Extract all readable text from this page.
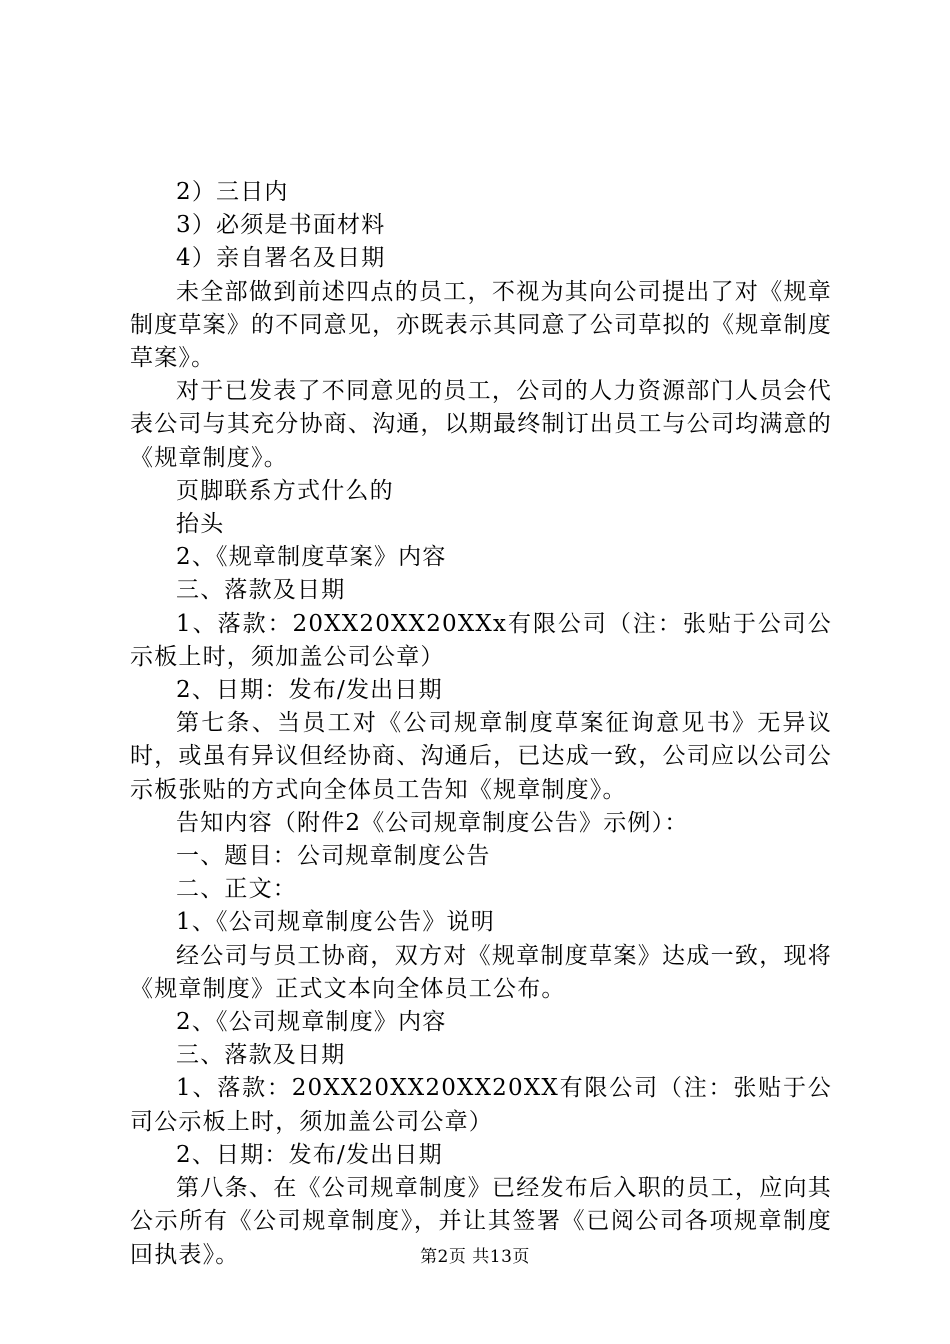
2）三日内

3）必须是书面材料

4）亲自署名及日期

未全部做到前述四点的员工，不视为其向公司提出了对《规章制度草案》的不同意见，亦既表示其同意了公司草拟的《规章制度草案》。

对于已发表了不同意见的员工，公司的人力资源部门人员会代表公司与其充分协商、沟通，以期最终制订出员工与公司均满意的《规章制度》。

页脚联系方式什么的

抬头

2、《规章制度草案》内容

三、落款及日期

1、落款：20XX20XX20XXx有限公司（注：张贴于公司公示板上时，须加盖公司公章）

2、日期：发布/发出日期

第七条、当员工对《公司规章制度草案征询意见书》无异议时，或虽有异议但经协商、沟通后，已达成一致，公司应以公司公示板张贴的方式向全体员工告知《规章制度》。

告知内容（附件2《公司规章制度公告》示例）：

一、题目：公司规章制度公告

二、正文：

1、《公司规章制度公告》说明

经公司与员工协商，双方对《规章制度草案》达成一致，现将《规章制度》正式文本向全体员工公布。

2、《公司规章制度》内容

三、落款及日期

1、落款：20XX20XX20XX20XX有限公司（注：张贴于公司公示板上时，须加盖公司公章）

2、日期：发布/发出日期

第八条、在《公司规章制度》已经发布后入职的员工，应向其公示所有《公司规章制度》，并让其签署《已阅公司各项规章制度回执表》。	第2页 共13页
